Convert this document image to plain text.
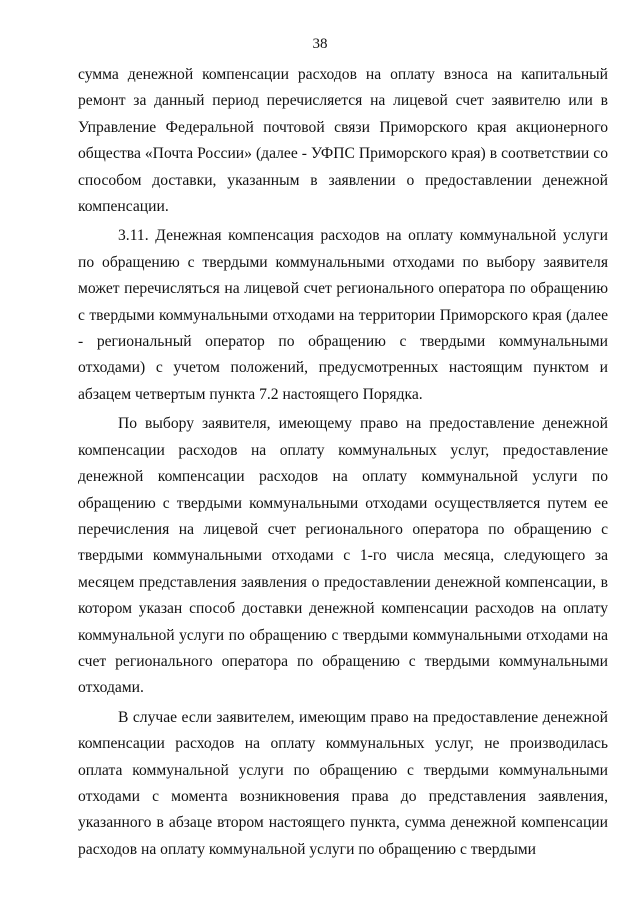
38

сумма денежной компенсации расходов на оплату взноса на капитальный ремонт за данный период перечисляется на лицевой счет заявителю или в Управление Федеральной почтовой связи Приморского края акционерного общества «Почта России» (далее - УФПС Приморского края) в соответствии со способом доставки, указанным в заявлении о предоставлении денежной компенсации.

3.11. Денежная компенсация расходов на оплату коммунальной услуги по обращению с твердыми коммунальными отходами по выбору заявителя может перечисляться на лицевой счет регионального оператора по обращению с твердыми коммунальными отходами на территории Приморского края (далее - региональный оператор по обращению с твердыми коммунальными отходами) с учетом положений, предусмотренных настоящим пунктом и абзацем четвертым пункта 7.2 настоящего Порядка.

По выбору заявителя, имеющему право на предоставление денежной компенсации расходов на оплату коммунальных услуг, предоставление денежной компенсации расходов на оплату коммунальной услуги по обращению с твердыми коммунальными отходами осуществляется путем ее перечисления на лицевой счет регионального оператора по обращению с твердыми коммунальными отходами с 1-го числа месяца, следующего за месяцем представления заявления о предоставлении денежной компенсации, в котором указан способ доставки денежной компенсации расходов на оплату коммунальной услуги по обращению с твердыми коммунальными отходами на счет регионального оператора по обращению с твердыми коммунальными отходами.

В случае если заявителем, имеющим право на предоставление денежной компенсации расходов на оплату коммунальных услуг, не производилась оплата коммунальной услуги по обращению с твердыми коммунальными отходами с момента возникновения права до представления заявления, указанного в абзаце втором настоящего пункта, сумма денежной компенсации расходов на оплату коммунальной услуги по обращению с твердыми
